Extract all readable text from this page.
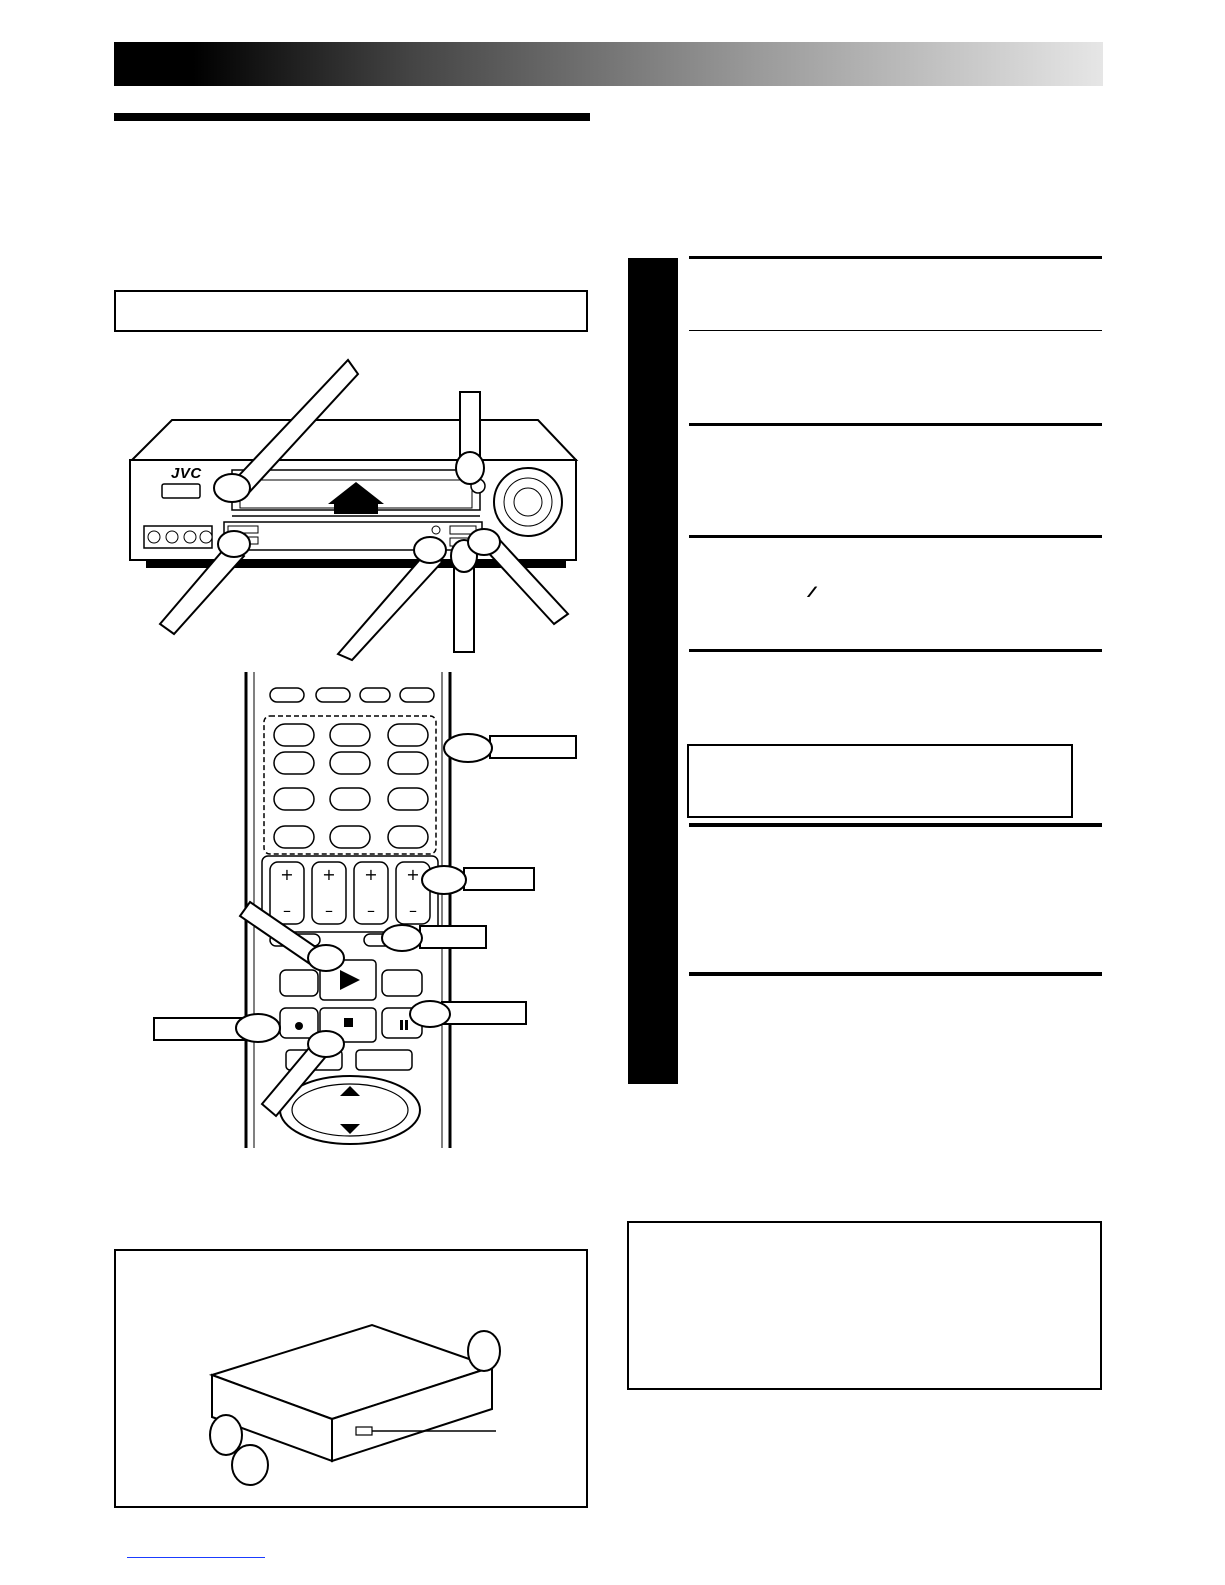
JVC
+ + + +
– – – –
∕∕∕
